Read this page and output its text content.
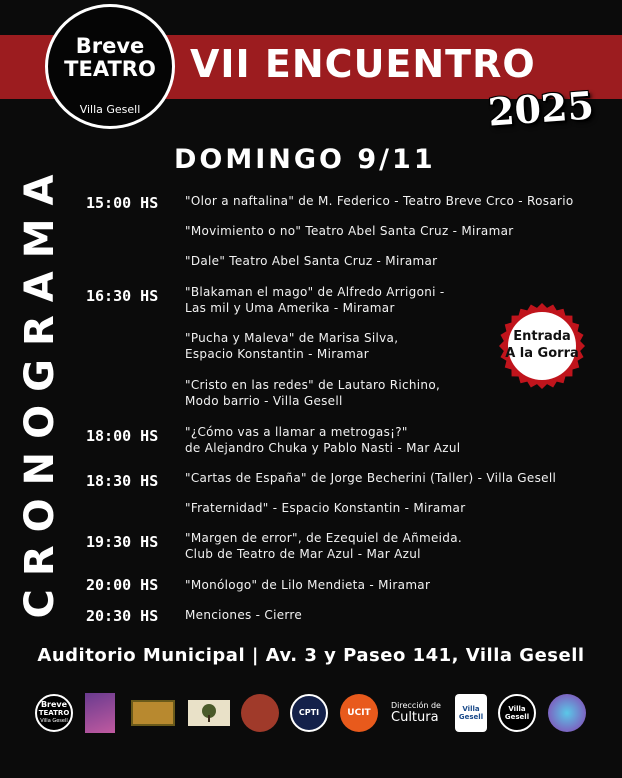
Breve
TEATRO
Villa Gesell
VII ENCUENTRO
2025
CRONOGRAMA
DOMINGO 9/11
15:00 HS "Olor a naftalina" de M. Federico - Teatro Breve Crco - Rosario
"Movimiento o no" Teatro Abel Santa Cruz - Miramar
"Dale" Teatro Abel Santa Cruz - Miramar
16:30 HS "Blakaman el mago" de Alfredo Arrigoni -
Las mil y Uma Amerika - Miramar
"Pucha y Maleva" de Marisa Silva,
Espacio Konstantin - Miramar
"Cristo en las redes" de Lautaro Richino,
Modo barrio - Villa Gesell
18:00 HS "¿Cómo vas a llamar a metrogas¡?"
de Alejandro Chuka y Pablo Nasti - Mar Azul
18:30 HS "Cartas de España" de Jorge Becherini (Taller) - Villa Gesell
"Fraternidad" - Espacio Konstantin - Miramar
19:30 HS "Margen de error", de Ezequiel de Añmeida.
Club de Teatro de Mar Azul - Mar Azul
20:00 HS "Monólogo" de Lilo Mendieta - Miramar
20:30 HS Menciones - Cierre
Entrada
A la Gorra
Auditorio Municipal | Av. 3 y Paseo 141, Villa Gesell
Breve
TEATRO
Villa Gesell
CPTI	UCIT
Dirección de
Cultura
Villa
Gesell
Villa
Gesell
